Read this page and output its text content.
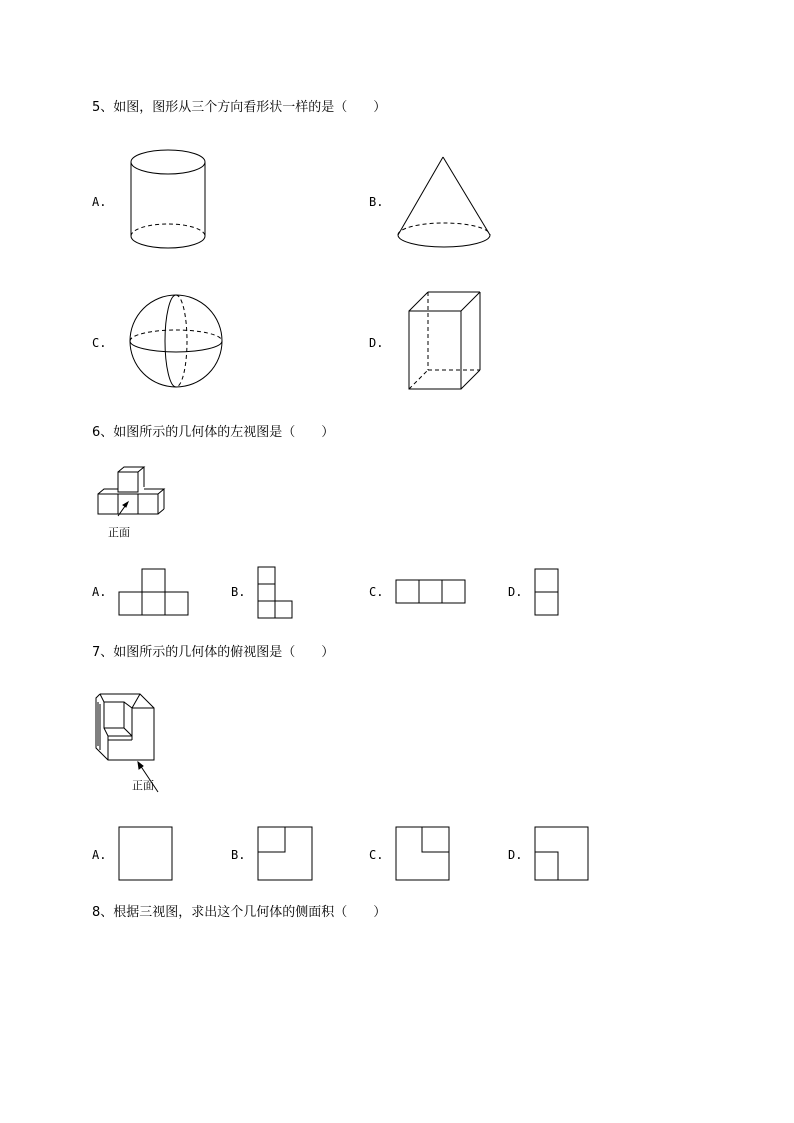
5、如图，图形从三个方向看形状一样的是（　　）
A.	B.
C.	D.
6、如图所示的几何体的左视图是（　　）
正面
A.	B.	C.	D.
7、如图所示的几何体的俯视图是（　　）
正面
A.	B.	C.	D.
8、根据三视图，求出这个几何体的侧面积（　　）
